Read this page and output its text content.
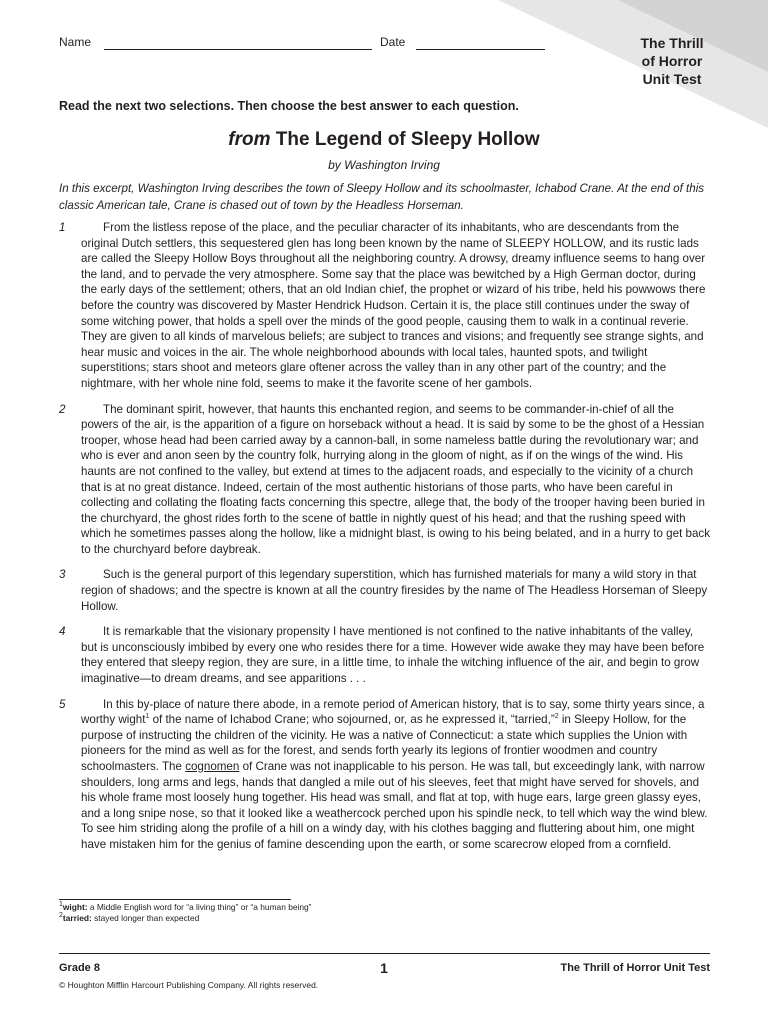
Name	Date	The Thrill
of Horror
Unit Test
Read the next two selections. Then choose the best answer to each question.
from The Legend of Sleepy Hollow
by Washington Irving
In this excerpt, Washington Irving describes the town of Sleepy Hollow and its schoolmaster, Ichabod Crane. At the end of this classic American tale, Crane is chased out of town by the Headless Horseman.
1	From the listless repose of the place, and the peculiar character of its inhabitants, who are descendants from the original Dutch settlers, this sequestered glen has long been known by the name of SLEEPY HOLLOW, and its rustic lads are called the Sleepy Hollow Boys throughout all the neighboring country. A drowsy, dreamy influence seems to hang over the land, and to pervade the very atmosphere. Some say that the place was bewitched by a High German doctor, during the early days of the settlement; others, that an old Indian chief, the prophet or wizard of his tribe, held his powwows there before the country was discovered by Master Hendrick Hudson. Certain it is, the place still continues under the sway of some witching power, that holds a spell over the minds of the good people, causing them to walk in a continual reverie. They are given to all kinds of marvelous beliefs; are subject to trances and visions; and frequently see strange sights, and hear music and voices in the air. The whole neighborhood abounds with local tales, haunted spots, and twilight superstitions; stars shoot and meteors glare oftener across the valley than in any other part of the country; and the nightmare, with her whole nine fold, seems to make it the favorite scene of her gambols.
2	The dominant spirit, however, that haunts this enchanted region, and seems to be commander-in-chief of all the powers of the air, is the apparition of a figure on horseback without a head. It is said by some to be the ghost of a Hessian trooper, whose head had been carried away by a cannon-ball, in some nameless battle during the revolutionary war; and who is ever and anon seen by the country folk, hurrying along in the gloom of night, as if on the wings of the wind. His haunts are not confined to the valley, but extend at times to the adjacent roads, and especially to the vicinity of a church that is at no great distance. Indeed, certain of the most authentic historians of those parts, who have been careful in collecting and collating the floating facts concerning this spectre, allege that, the body of the trooper having been buried in the churchyard, the ghost rides forth to the scene of battle in nightly quest of his head; and that the rushing speed with which he sometimes passes along the hollow, like a midnight blast, is owing to his being belated, and in a hurry to get back to the churchyard before daybreak.
3	Such is the general purport of this legendary superstition, which has furnished materials for many a wild story in that region of shadows; and the spectre is known at all the country firesides by the name of The Headless Horseman of Sleepy Hollow.
4	It is remarkable that the visionary propensity I have mentioned is not confined to the native inhabitants of the valley, but is unconsciously imbibed by every one who resides there for a time. However wide awake they may have been before they entered that sleepy region, they are sure, in a little time, to inhale the witching influence of the air, and begin to grow imaginative—to dream dreams, and see apparitions . . .
5	In this by-place of nature there abode, in a remote period of American history, that is to say, some thirty years since, a worthy wight$^1$ of the name of Ichabod Crane; who sojourned, or, as he expressed it, “tarried,”$^2$ in Sleepy Hollow, for the purpose of instructing the children of the vicinity. He was a native of Connecticut: a state which supplies the Union with pioneers for the mind as well as for the forest, and sends forth yearly its legions of frontier woodmen and country schoolmasters. The cognomen of Crane was not inapplicable to his person. He was tall, but exceedingly lank, with narrow shoulders, long arms and legs, hands that dangled a mile out of his sleeves, feet that might have served for shovels, and his whole frame most loosely hung together. His head was small, and flat at top, with huge ears, large green glassy eyes, and a long snipe nose, so that it looked like a weathercock perched upon his spindle neck, to tell which way the wind blew. To see him striding along the profile of a hill on a windy day, with his clothes bagging and fluttering about him, one might have mistaken him for the genius of famine descending upon the earth, or some scarecrow eloped from a cornfield.
$^1$wight: a Middle English word for “a living thing” or “a human being”
$^2$tarried: stayed longer than expected
Grade 8
© Houghton Mifflin Harcourt Publishing Company. All rights reserved.
1	The Thrill of Horror Unit Test
